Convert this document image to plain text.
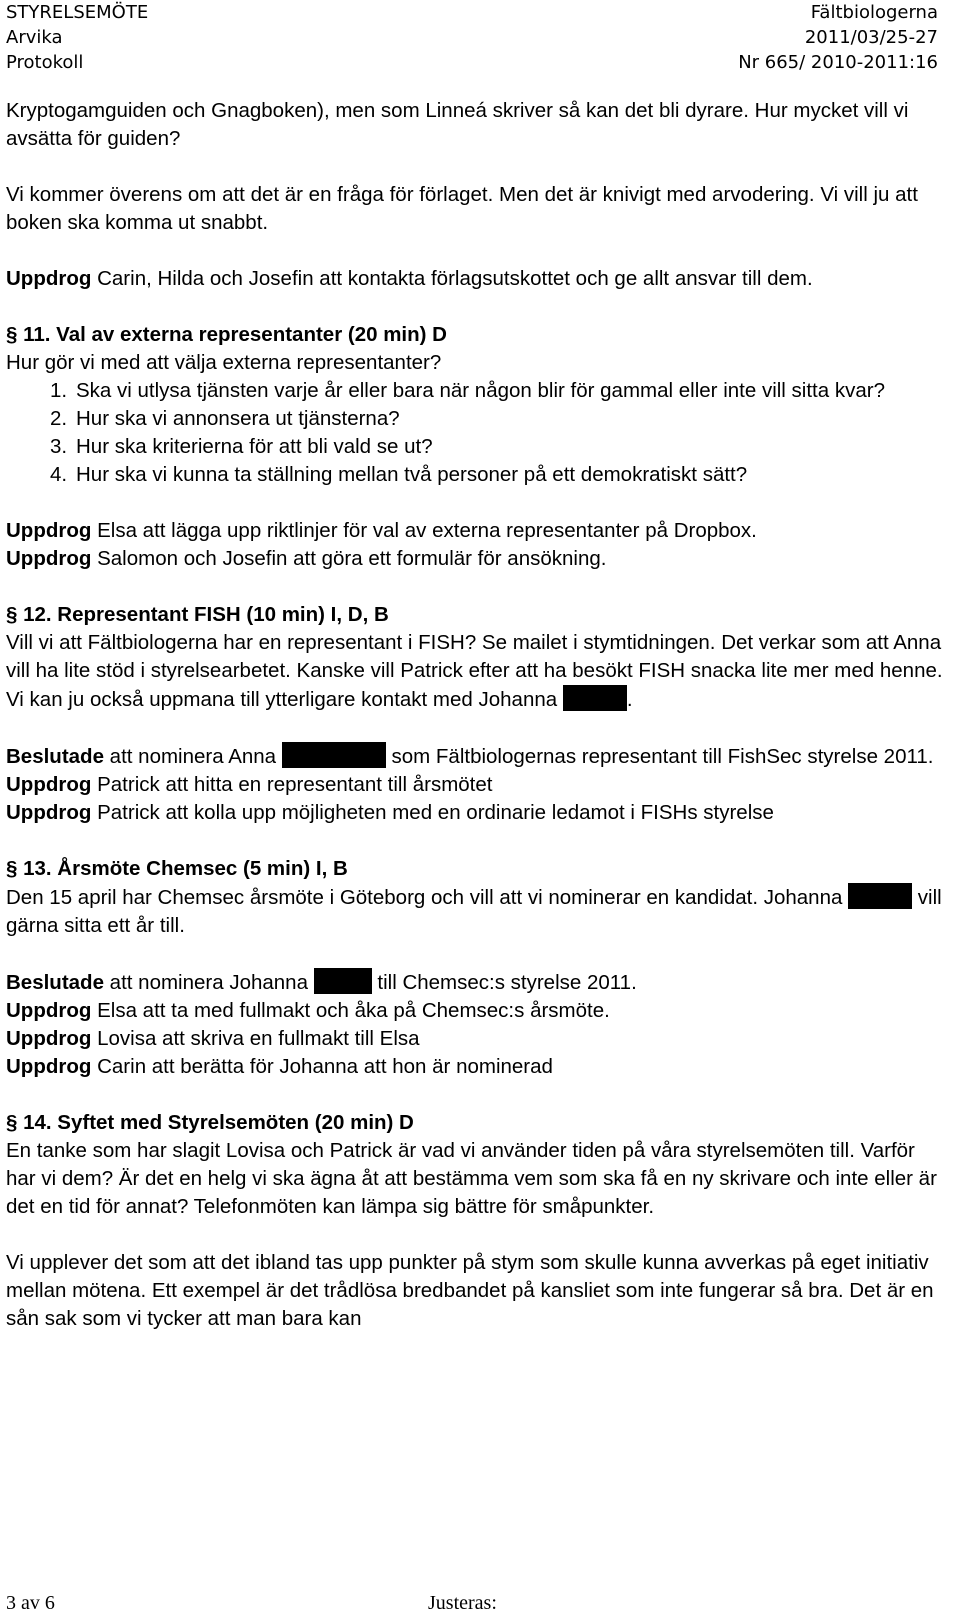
STYRELSEMÖTE	Fältbiologerna
Arvika	2011/03/25-27
Protokoll	Nr 665/ 2010-2011:16

Kryptogamguiden och Gnagboken), men som Linneá skriver så kan det bli dyrare. Hur mycket vill vi avsätta för guiden?

Vi kommer överens om att det är en fråga för förlaget. Men det är knivigt med arvodering. Vi vill ju att boken ska komma ut snabbt.

Uppdrog Carin, Hilda och Josefin att kontakta förlagsutskottet och ge allt ansvar till dem.

§ 11. Val av externa representanter (20 min) D

Hur gör vi med att välja externa representanter?

1. Ska vi utlysa tjänsten varje år eller bara när någon blir för gammal eller inte vill sitta kvar?
2. Hur ska vi annonsera ut tjänsterna?
3. Hur ska kriterierna för att bli vald se ut?
4. Hur ska vi kunna ta ställning mellan två personer på ett demokratiskt sätt?

Uppdrog Elsa att lägga upp riktlinjer för val av externa representanter på Dropbox.

Uppdrog Salomon och Josefin att göra ett formulär för ansökning.

§ 12. Representant FISH (10 min) I, D, B

Vill vi att Fältbiologerna har en representant i FISH? Se mailet i stymtidningen. Det verkar som att Anna vill ha lite stöd i styrelsearbetet. Kanske vill Patrick efter att ha besökt FISH snacka lite mer med henne. Vi kan ju också uppmana till ytterligare kontakt med Johanna	.

Beslutade att nominera Anna	som Fältbiologernas representant till FishSec styrelse 2011.

Uppdrog Patrick att hitta en representant till årsmötet

Uppdrog Patrick att kolla upp möjligheten med en ordinarie ledamot i FISHs styrelse

§ 13. Årsmöte Chemsec (5 min) I, B

Den 15 april har Chemsec årsmöte i Göteborg och vill att vi nominerar en kandidat. Johanna	vill gärna sitta ett år till.

Beslutade att nominera Johanna	till Chemsec:s styrelse 2011.

Uppdrog Elsa att ta med fullmakt och åka på Chemsec:s årsmöte.

Uppdrog Lovisa att skriva en fullmakt till Elsa

Uppdrog Carin att berätta för Johanna att hon är nominerad

§ 14. Syftet med Styrelsemöten (20 min) D

En tanke som har slagit Lovisa och Patrick är vad vi använder tiden på våra styrelsemöten till. Varför har vi dem? Är det en helg vi ska ägna åt att bestämma vem som ska få en ny skrivare och inte eller är det en tid för annat? Telefonmöten kan lämpa sig bättre för småpunkter.

Vi upplever det som att det ibland tas upp punkter på stym som skulle kunna avverkas på eget initiativ mellan mötena. Ett exempel är det trådlösa bredbandet på kansliet som inte fungerar så bra. Det är en sån sak som vi tycker att man bara kan

3 av 6	Justeras:
